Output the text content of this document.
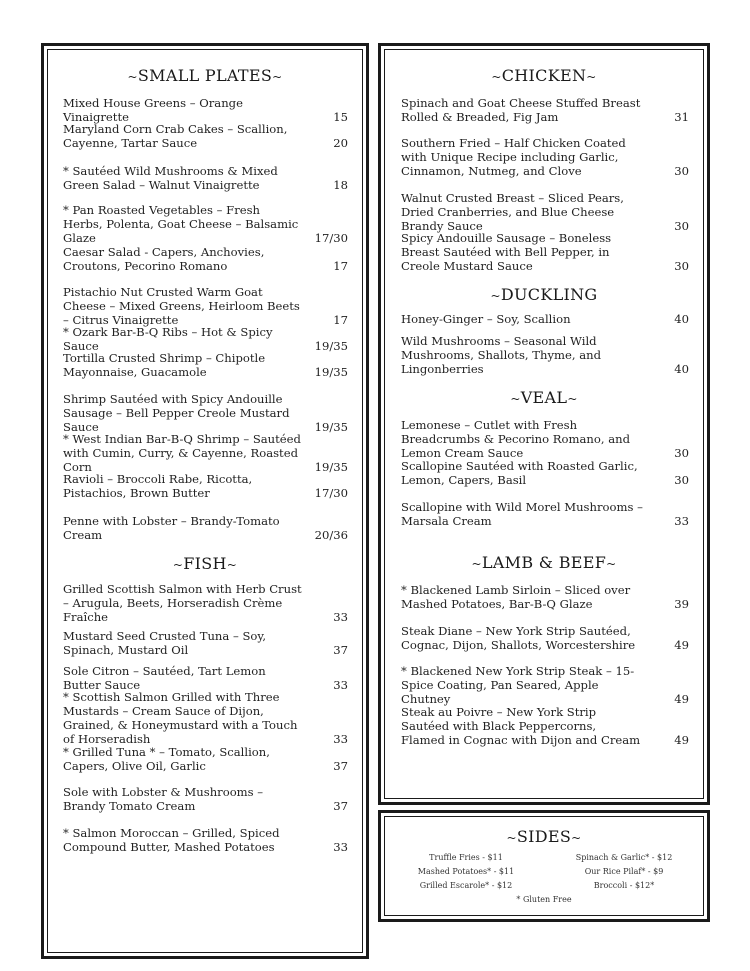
~SMALL PLATES~
Mixed House Greens – Orange Vinaigrette	15
Maryland Corn Crab Cakes – Scallion, Cayenne, Tartar Sauce	20
* Sautéed Wild Mushrooms & Mixed Green Salad – Walnut Vinaigrette	18
* Pan Roasted Vegetables – Fresh Herbs, Polenta, Goat Cheese – Balsamic Glaze	17/30
Caesar Salad - Capers, Anchovies, Croutons, Pecorino Romano	17
Pistachio Nut Crusted Warm Goat Cheese – Mixed Greens, Heirloom Beets – Citrus Vinaigrette	17
* Ozark Bar-B-Q Ribs – Hot & Spicy Sauce	19/35
Tortilla Crusted Shrimp – Chipotle Mayonnaise, Guacamole	19/35
Shrimp Sautéed with Spicy Andouille Sausage – Bell Pepper Creole Mustard Sauce	19/35
* West Indian Bar-B-Q Shrimp – Sautéed with Cumin, Curry, & Cayenne, Roasted Corn	19/35
Ravioli – Broccoli Rabe, Ricotta, Pistachios, Brown Butter	17/30
Penne with Lobster – Brandy-Tomato Cream	20/36
~FISH~
Grilled Scottish Salmon with Herb Crust – Arugula, Beets, Horseradish Crème Fraîche	33
Mustard Seed Crusted Tuna – Soy, Spinach, Mustard Oil	37
Sole Citron – Sautéed, Tart Lemon Butter Sauce	33
* Scottish Salmon Grilled with Three Mustards – Cream Sauce of Dijon, Grained, & Honeymustard with a Touch of Horseradish	33
* Grilled Tuna * – Tomato, Scallion, Capers, Olive Oil, Garlic	37
Sole with Lobster & Mushrooms – Brandy Tomato Cream	37
* Salmon Moroccan – Grilled, Spiced Compound Butter, Mashed Potatoes	33
~CHICKEN~
Spinach and Goat Cheese Stuffed Breast Rolled & Breaded, Fig Jam	31
Southern Fried – Half Chicken Coated with Unique Recipe including Garlic, Cinnamon, Nutmeg, and Clove	30
Walnut Crusted Breast – Sliced Pears, Dried Cranberries, and Blue Cheese Brandy Sauce	30
Spicy Andouille Sausage – Boneless Breast Sautéed with Bell Pepper, in Creole Mustard Sauce	30
~DUCKLING
Honey-Ginger – Soy, Scallion	40
Wild Mushrooms – Seasonal Wild Mushrooms, Shallots, Thyme, and Lingonberries	40
~VEAL~
Lemonese – Cutlet with Fresh Breadcrumbs & Pecorino Romano, and Lemon Cream Sauce	30
Scallopine Sautéed with Roasted Garlic, Lemon, Capers, Basil	30
Scallopine with Wild Morel Mushrooms – Marsala Cream	33
~LAMB & BEEF~
* Blackened Lamb Sirloin – Sliced over Mashed Potatoes, Bar-B-Q Glaze	39
Steak Diane – New York Strip Sautéed, Cognac, Dijon, Shallots, Worcestershire	49
* Blackened New York Strip Steak – 15-Spice Coating, Pan Seared, Apple Chutney	49
Steak au Poivre – New York Strip Sautéed with Black Peppercorns, Flamed in Cognac with Dijon and Cream	49
~SIDES~
Truffle Fries - $11
Mashed Potatoes* - $11
Grilled Escarole* - $12
Spinach & Garlic* - $12
Our Rice Pilaf* - $9
Broccoli - $12*
* Gluten Free
